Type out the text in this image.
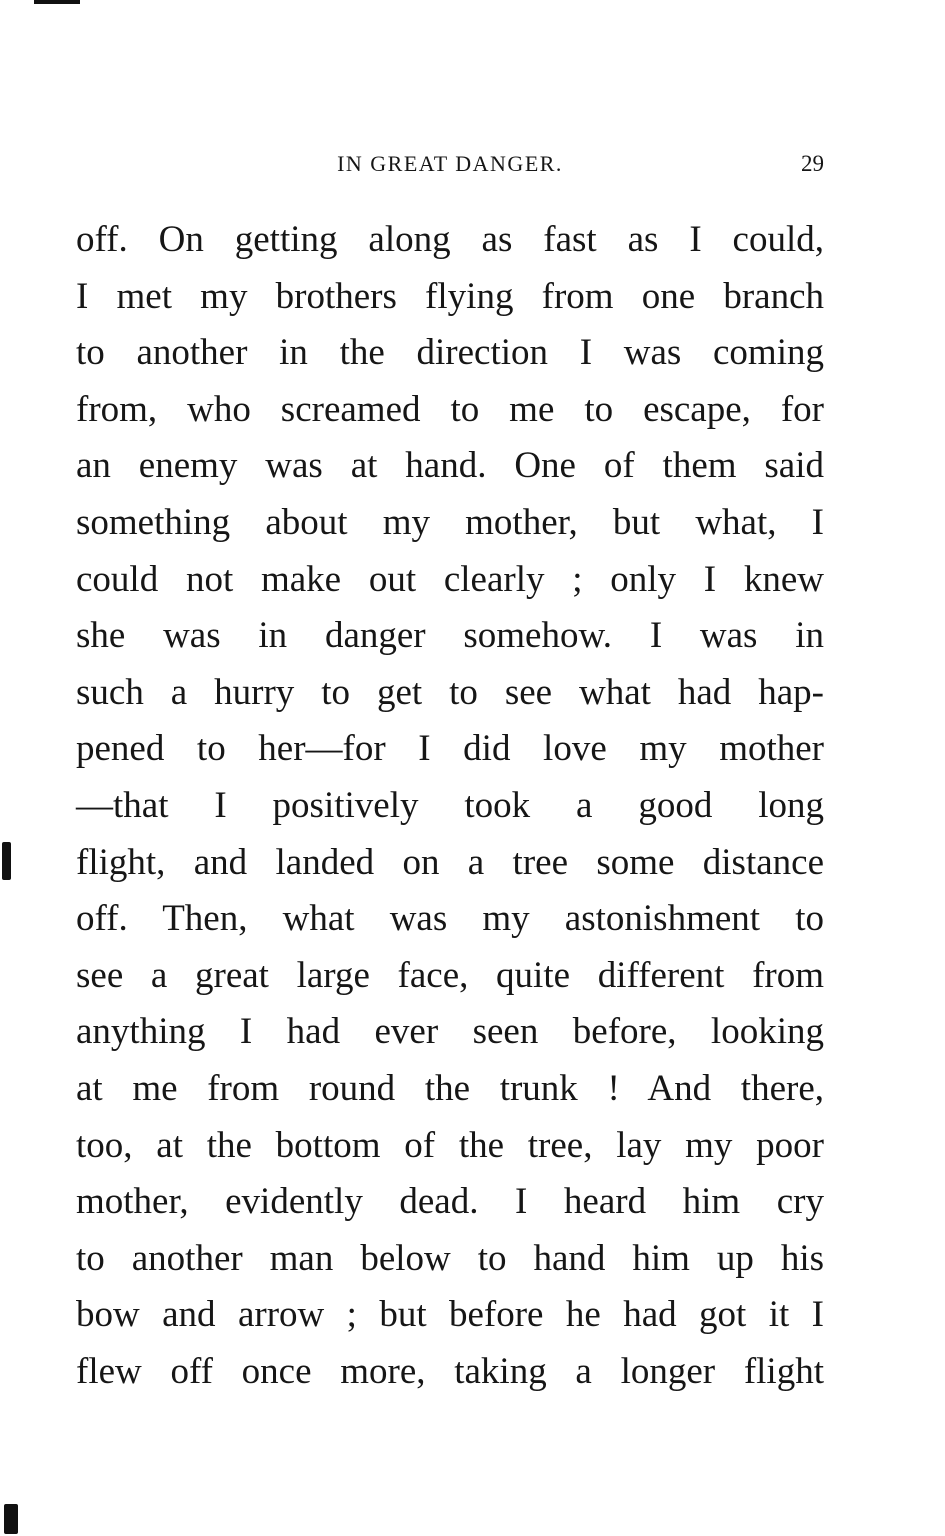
IN GREAT DANGER.	29
off. On getting along as fast as I could,
I met my brothers flying from one branch
to another in the direction I was coming
from, who screamed to me to escape, for
an enemy was at hand. One of them said
something about my mother, but what, I
could not make out clearly ; only I knew
she was in danger somehow. I was in
such a hurry to get to see what had hap-
pened to her—for I did love my mother
—that I positively took a good long
flight, and landed on a tree some distance
off. Then, what was my astonishment to
see a great large face, quite different from
anything I had ever seen before, looking
at me from round the trunk ! And there,
too, at the bottom of the tree, lay my poor
mother, evidently dead. I heard him cry
to another man below to hand him up his
bow and arrow ; but before he had got it I
flew off once more, taking a longer flight
